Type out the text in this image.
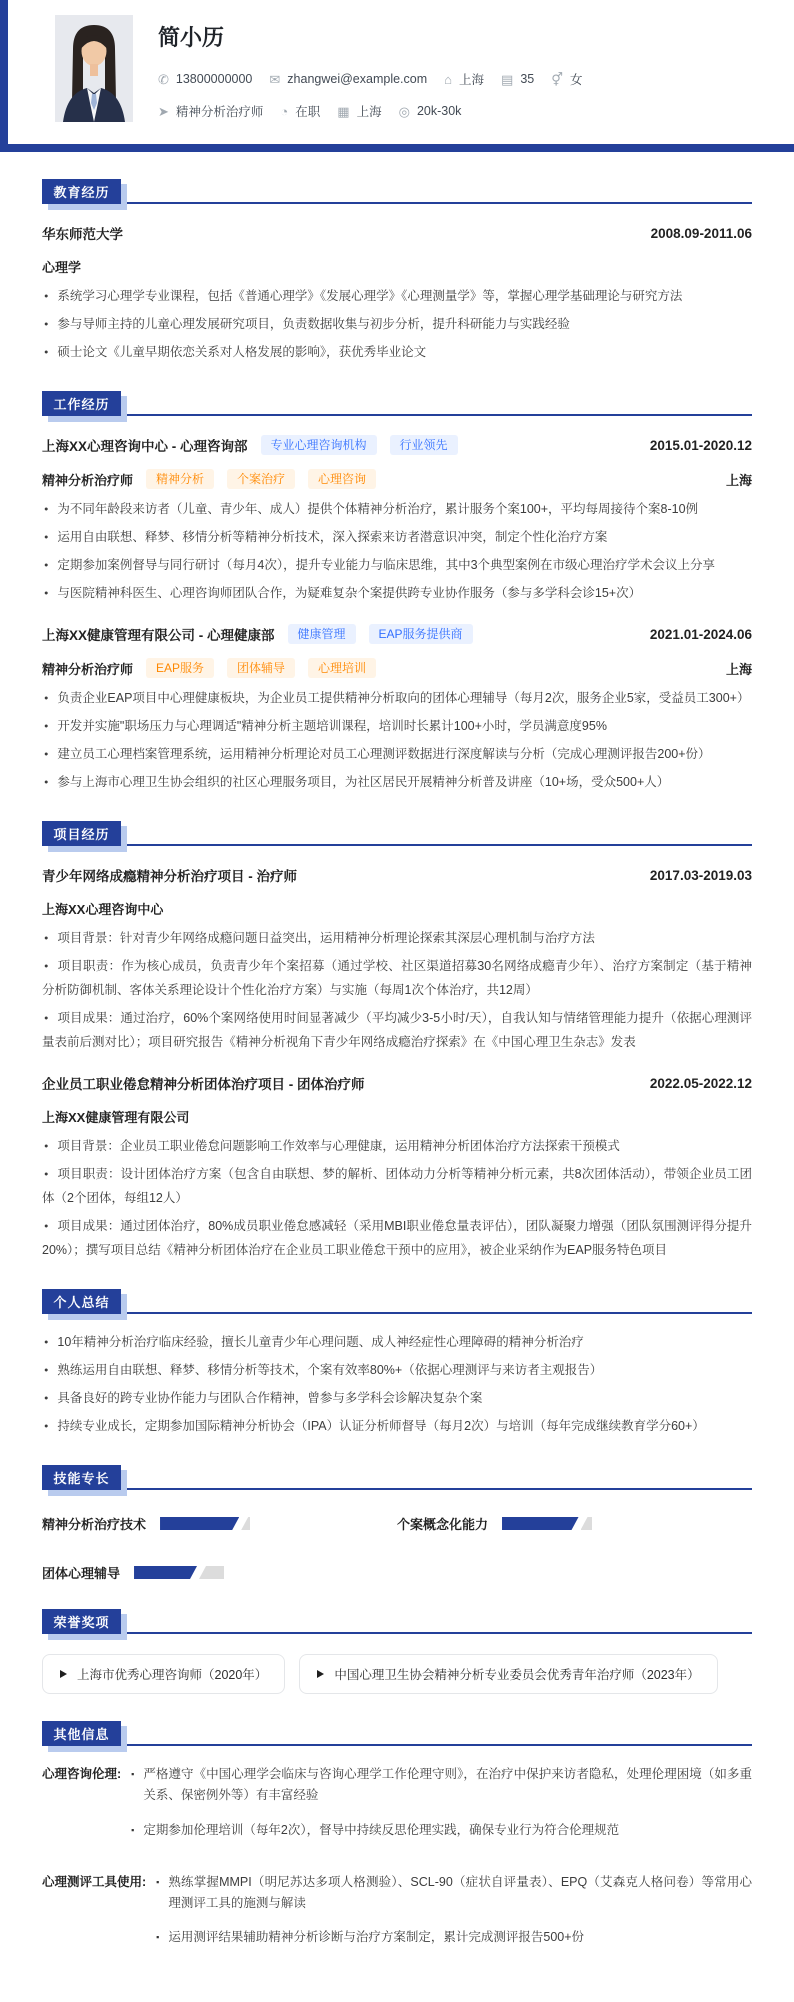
简小历
✆ 13800000000 ✉ zhangwei@example.com ⌂ 上海 ▤ 35 ⚥ 女
➤ 精神分析治疗师 ◔ 在职 ▦ 上海 ◎ 20k-30k
教育经历
华东师范大学	2008.09-2011.06
心理学
• 系统学习心理学专业课程，包括《普通心理学》《发展心理学》《心理测量学》等，掌握心理学基础理论与研究方法
• 参与导师主持的儿童心理发展研究项目，负责数据收集与初步分析，提升科研能力与实践经验
• 硕士论文《儿童早期依恋关系对人格发展的影响》，获优秀毕业论文
工作经历
上海XX心理咨询中心 - 心理咨询部	专业心理咨询机构	行业领先	2015.01-2020.12
精神分析治疗师	精神分析	个案治疗	心理咨询	上海
• 为不同年龄段来访者（儿童、青少年、成人）提供个体精神分析治疗，累计服务个案100+，平均每周接待个案8-10例
• 运用自由联想、释梦、移情分析等精神分析技术，深入探索来访者潜意识冲突，制定个性化治疗方案
• 定期参加案例督导与同行研讨（每月4次），提升专业能力与临床思维，其中3个典型案例在市级心理治疗学术会议上分享
• 与医院精神科医生、心理咨询师团队合作，为疑难复杂个案提供跨专业协作服务（参与多学科会诊15+次）
上海XX健康管理有限公司 - 心理健康部	健康管理	EAP服务提供商	2021.01-2024.06
精神分析治疗师	EAP服务	团体辅导	心理培训	上海
• 负责企业EAP项目中心理健康板块，为企业员工提供精神分析取向的团体心理辅导（每月2次，服务企业5家，受益员工300+）
• 开发并实施"职场压力与心理调适"精神分析主题培训课程，培训时长累计100+小时，学员满意度95%
• 建立员工心理档案管理系统，运用精神分析理论对员工心理测评数据进行深度解读与分析（完成心理测评报告200+份）
• 参与上海市心理卫生协会组织的社区心理服务项目，为社区居民开展精神分析普及讲座（10+场，受众500+人）
项目经历
青少年网络成瘾精神分析治疗项目 - 治疗师	2017.03-2019.03
上海XX心理咨询中心
• 项目背景：针对青少年网络成瘾问题日益突出，运用精神分析理论探索其深层心理机制与治疗方法
• 项目职责：作为核心成员，负责青少年个案招募（通过学校、社区渠道招募30名网络成瘾青少年）、治疗方案制定（基于精神分析防御机制、客体关系理论设计个性化治疗方案）与实施（每周1次个体治疗，共12周）
• 项目成果：通过治疗，60%个案网络使用时间显著减少（平均减少3-5小时/天），自我认知与情绪管理能力提升（依据心理测评量表前后测对比）；项目研究报告《精神分析视角下青少年网络成瘾治疗探索》在《中国心理卫生杂志》发表
企业员工职业倦怠精神分析团体治疗项目 - 团体治疗师	2022.05-2022.12
上海XX健康管理有限公司
• 项目背景：企业员工职业倦怠问题影响工作效率与心理健康，运用精神分析团体治疗方法探索干预模式
• 项目职责：设计团体治疗方案（包含自由联想、梦的解析、团体动力分析等精神分析元素，共8次团体活动），带领企业员工团体（2个团体，每组12人）
• 项目成果：通过团体治疗，80%成员职业倦怠感减轻（采用MBI职业倦怠量表评估），团队凝聚力增强（团队氛围测评得分提升20%）；撰写项目总结《精神分析团体治疗在企业员工职业倦怠干预中的应用》，被企业采纳作为EAP服务特色项目
个人总结
• 10年精神分析治疗临床经验，擅长儿童青少年心理问题、成人神经症性心理障碍的精神分析治疗
• 熟练运用自由联想、释梦、移情分析等技术，个案有效率80%+（依据心理测评与来访者主观报告）
• 具备良好的跨专业协作能力与团队合作精神，曾参与多学科会诊解决复杂个案
• 持续专业成长，定期参加国际精神分析协会（IPA）认证分析师督导（每月2次）与培训（每年完成继续教育学分60+）
技能专长
精神分析治疗技术	个案概念化能力
团体心理辅导
荣誉奖项
上海市优秀心理咨询师（2020年）	中国心理卫生协会精神分析专业委员会优秀青年治疗师（2023年）
其他信息
心理咨询伦理: ▪ 严格遵守《中国心理学会临床与咨询心理学工作伦理守则》，在治疗中保护来访者隐私，处理伦理困境（如多重关系、保密例外等）有丰富经验
▪ 定期参加伦理培训（每年2次），督导中持续反思伦理实践，确保专业行为符合伦理规范
心理测评工具使用: ▪ 熟练掌握MMPI（明尼苏达多项人格测验）、SCL-90（症状自评量表）、EPQ（艾森克人格问卷）等常用心理测评工具的施测与解读
▪ 运用测评结果辅助精神分析诊断与治疗方案制定，累计完成测评报告500+份
